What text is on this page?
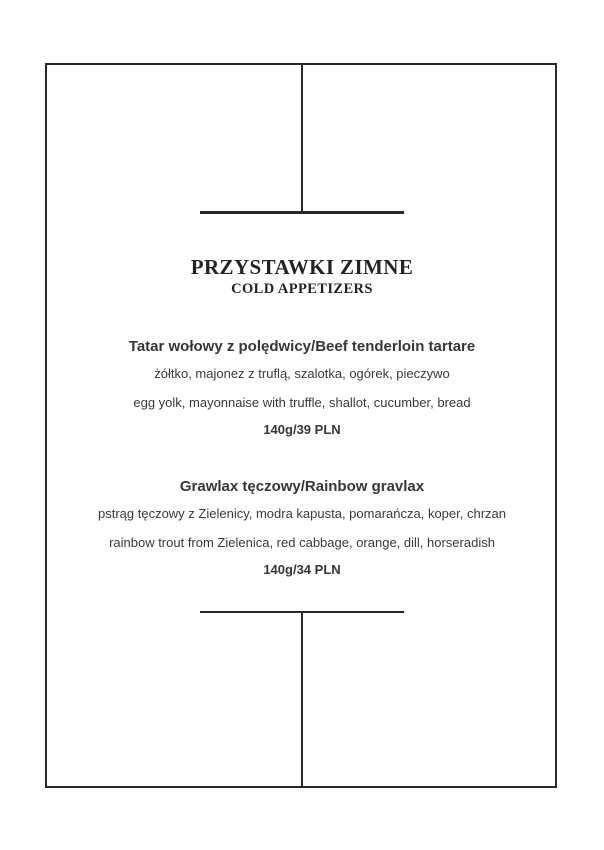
PRZYSTAWKI ZIMNE
COLD APPETIZERS
Tatar wołowy z polędwicy/Beef tenderloin tartare

żółtko, majonez z truflą, szalotka, ogórek, pieczywo

egg yolk, mayonnaise with truffle, shallot, cucumber, bread

140g/39 PLN

Grawlax tęczowy/Rainbow gravlax

pstrąg tęczowy z Zielenicy, modra kapusta, pomarańcza, koper, chrzan

rainbow trout from Zielenica, red cabbage, orange, dill, horseradish

140g/34 PLN
